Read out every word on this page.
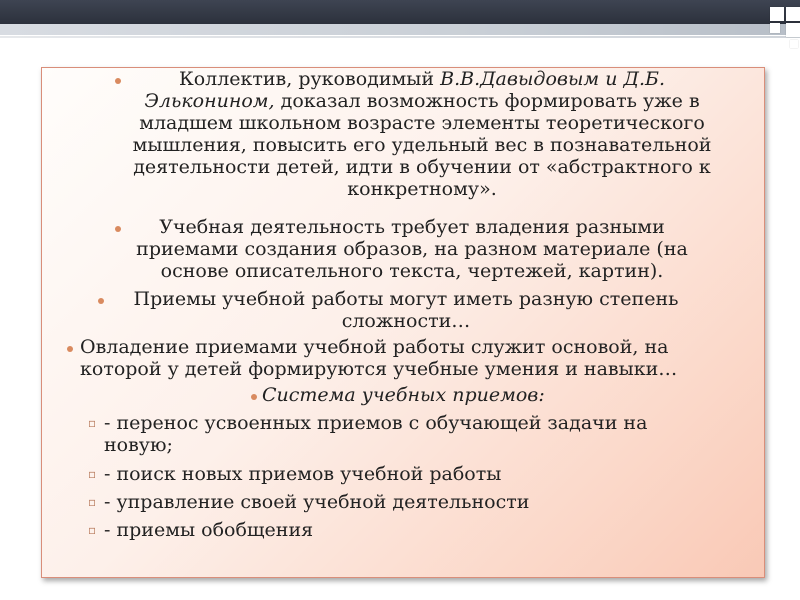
Коллектив, руководимый В.В.Давыдовым и Д.Б.
Эльконином, доказал возможность формировать уже в
младшем школьном возрасте элементы теоретического
мышления, повысить его удельный вес в познавательной
деятельности детей, идти в обучении от «абстрактного к
конкретному».
Учебная деятельность требует владения разными
приемами создания образов, на разном материале (на
основе описательного текста, чертежей, картин).
Приемы учебной работы могут иметь разную степень
сложности…
Овладение приемами учебной работы служит основой, на
которой у детей формируются учебные умения и навыки…
Система учебных приемов:
▫ - перенос усвоенных приемов с обучающей задачи на
новую;
▫ - поиск новых приемов учебной работы
▫ - управление своей учебной деятельности
▫ - приемы обобщения
